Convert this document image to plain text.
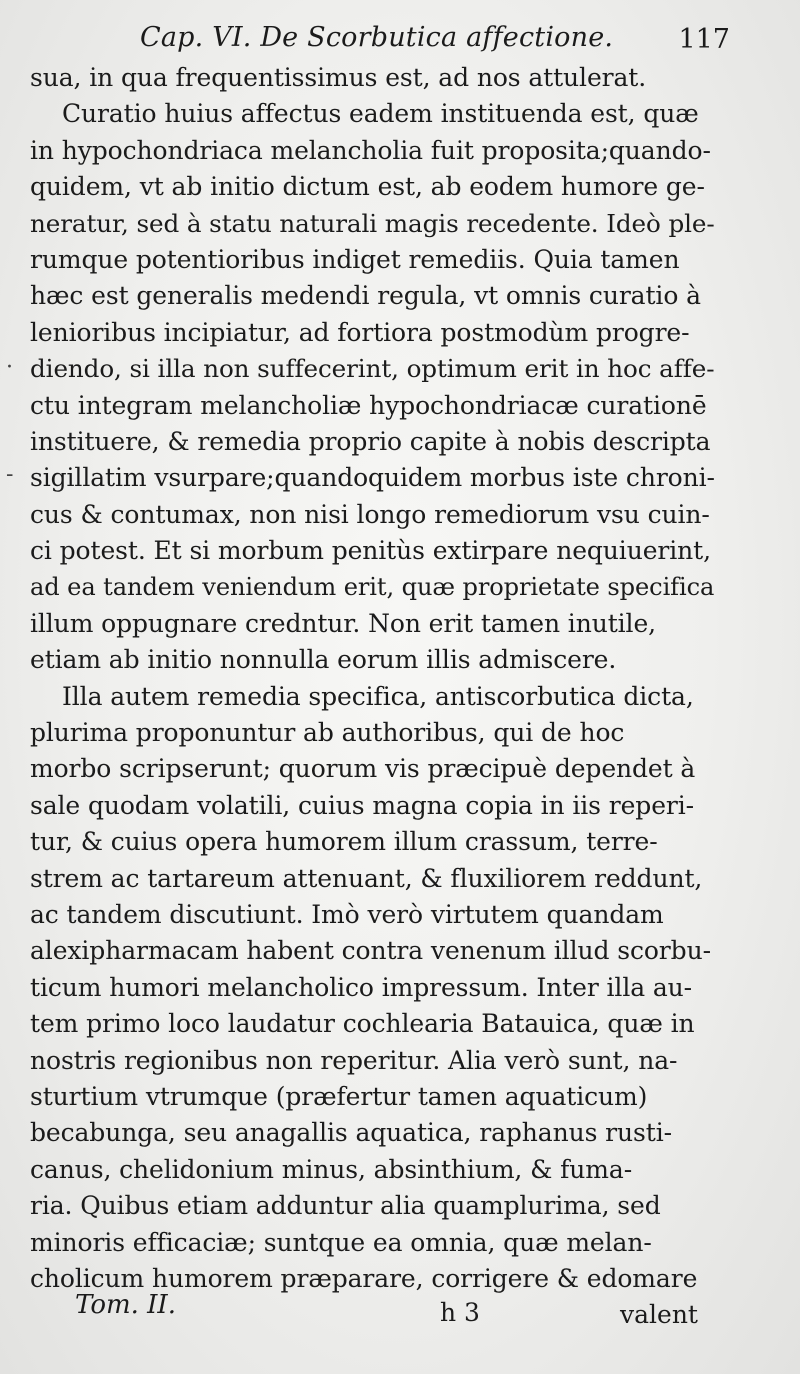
Cap. VI. De Scorbutica affectione. 117
sua, in qua frequentissimus est, ad nos attulerat.
Curatio huius affectus eadem instituenda est, quæ
in hypochondriaca melancholia fuit proposita;quando-
quidem, vt ab initio dictum est, ab eodem humore ge-
neratur, sed à statu naturali magis recedente. Ideò ple-
rumque potentioribus indiget remediis. Quia tamen
hæc est generalis medendi regula, vt omnis curatio à
lenioribus incipiatur, ad fortiora postmodùm progre-
diendo, si illa non suffecerint, optimum erit in hoc affe-
ctu integram melancholiæ hypochondriacæ curationē
instituere, & remedia proprio capite à nobis descripta
sigillatim vsurpare;quandoquidem morbus iste chroni-
cus & contumax, non nisi longo remediorum vsu cuin-
ci potest. Et si morbum penitùs extirpare nequiuerint,
ad ea tandem veniendum erit, quæ proprietate specifica
illum oppugnare credntur. Non erit tamen inutile,
etiam ab initio nonnulla eorum illis admiscere.
Illa autem remedia specifica, antiscorbutica dicta,
plurima proponuntur ab authoribus, qui de hoc
morbo scripserunt; quorum vis præcipuè dependet à
sale quodam volatili, cuius magna copia in iis reperi-
tur, & cuius opera humorem illum crassum, terre-
strem ac tartareum attenuant, & fluxiliorem reddunt,
ac tandem discutiunt. Imò verò virtutem quandam
alexipharmacam habent contra venenum illud scorbu-
ticum humori melancholico impressum. Inter illa au-
tem primo loco laudatur cochlearia Batauica, quæ in
nostris regionibus non reperitur. Alia verò sunt, na-
sturtium vtrumque (præfertur tamen aquaticum)
becabunga, seu anagallis aquatica, raphanus rusti-
canus, chelidonium minus, absinthium, & fuma-
ria. Quibus etiam adduntur alia quamplurima, sed
minoris efficaciæ; suntque ea omnia, quæ melan-
cholicum humorem præparare, corrigere & edomare
·
-
Tom. II.	h 3	valent
